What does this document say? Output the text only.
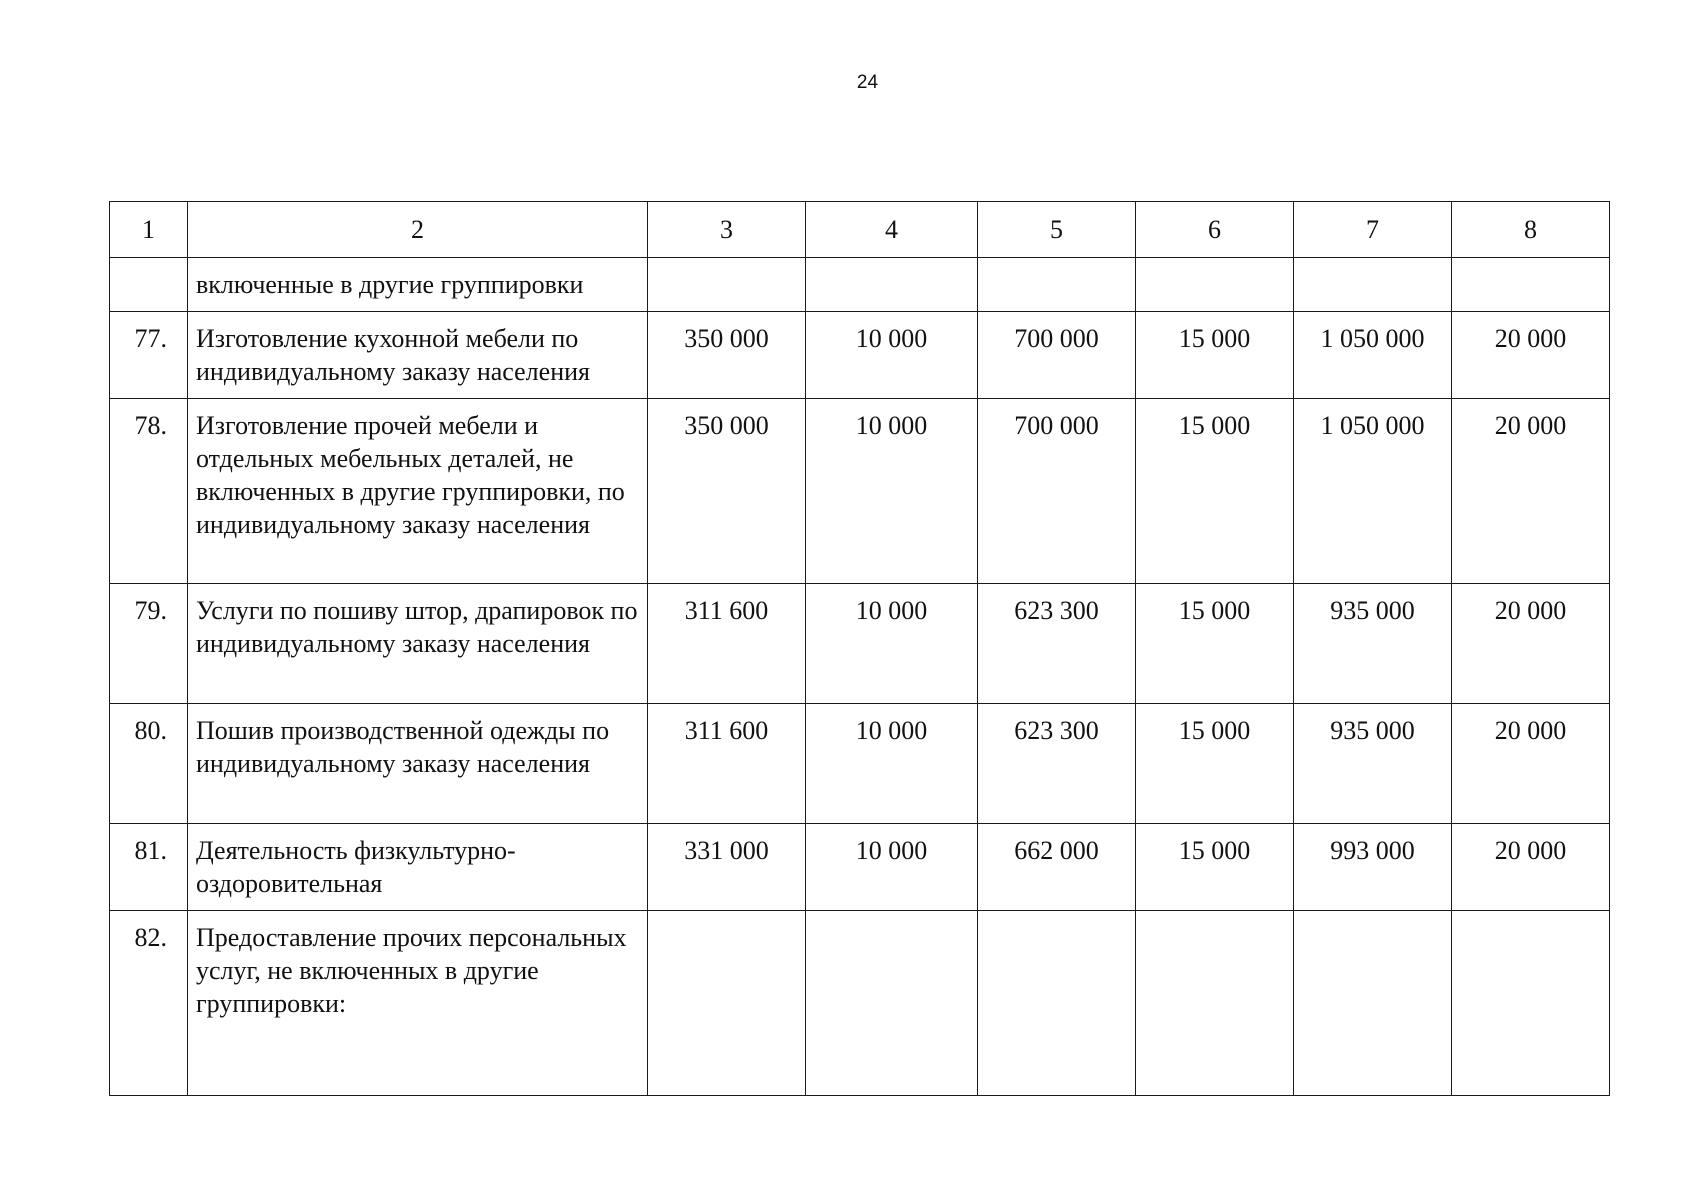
24
1	2	3	4	5	6	7	8
	включенные в другие группировки						
77.	Изготовление кухонной мебели по индивидуальному заказу населения	350 000	10 000	700 000	15 000	1 050 000	20 000
78.	Изготовление прочей мебели и отдельных мебельных деталей, не включенных в другие группировки, по индивидуальному заказу населения	350 000	10 000	700 000	15 000	1 050 000	20 000
79.	Услуги по пошиву штор, драпировок по индивидуальному заказу населения	311 600	10 000	623 300	15 000	935 000	20 000
80.	Пошив производственной одежды по индивидуальному заказу населения	311 600	10 000	623 300	15 000	935 000	20 000
81.	Деятельность физкультурно-оздоровительная	331 000	10 000	662 000	15 000	993 000	20 000
82.	Предоставление прочих персональных услуг, не включенных в другие группировки:						
